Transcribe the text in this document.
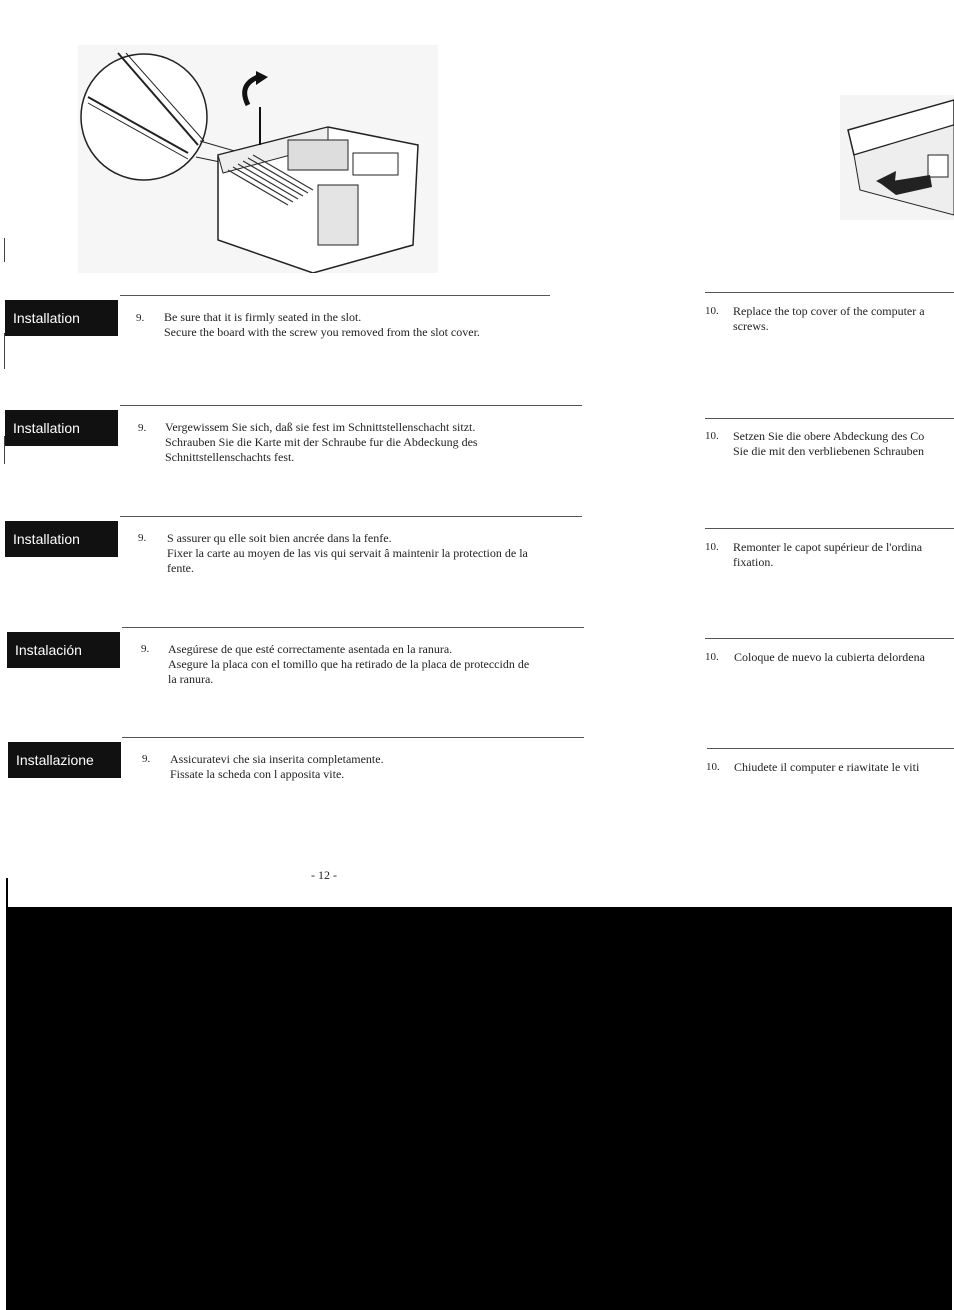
Installation	9. Be sure that it is firmly seated in the slot.
Secure the board with the screw you removed from the slot cover.
10. Replace the top cover of the computer a
screws.
Installation	9. Vergewissem Sie sich, daß sie fest im Schnittstellenschacht sitzt.
Schrauben Sie die Karte mit der Schraube fur die Abdeckung des
Schnittstellenschachts fest.
10. Setzen Sie die obere Abdeckung des Co
Sie die mit den verbliebenen Schrauben
Installation	9. S assurer qu elle soit bien ancrée dans la fenfe.
Fixer la carte au moyen de las vis qui servait â maintenir la protection de la
fente.
10. Remonter le capot supérieur de l'ordina
fixation.
Instalación	9. Asegúrese de que esté correctamente asentada en la ranura.
Asegure la placa con el tomillo que ha retirado de la placa de proteccidn de
la ranura.
10. Coloque de nuevo la cubierta delordena
Installazione	9. Assicuratevi che sia inserita completamente.
Fissate la scheda con l apposita vite.	10. Chiudete il computer e riawitate le viti
- 12 -
